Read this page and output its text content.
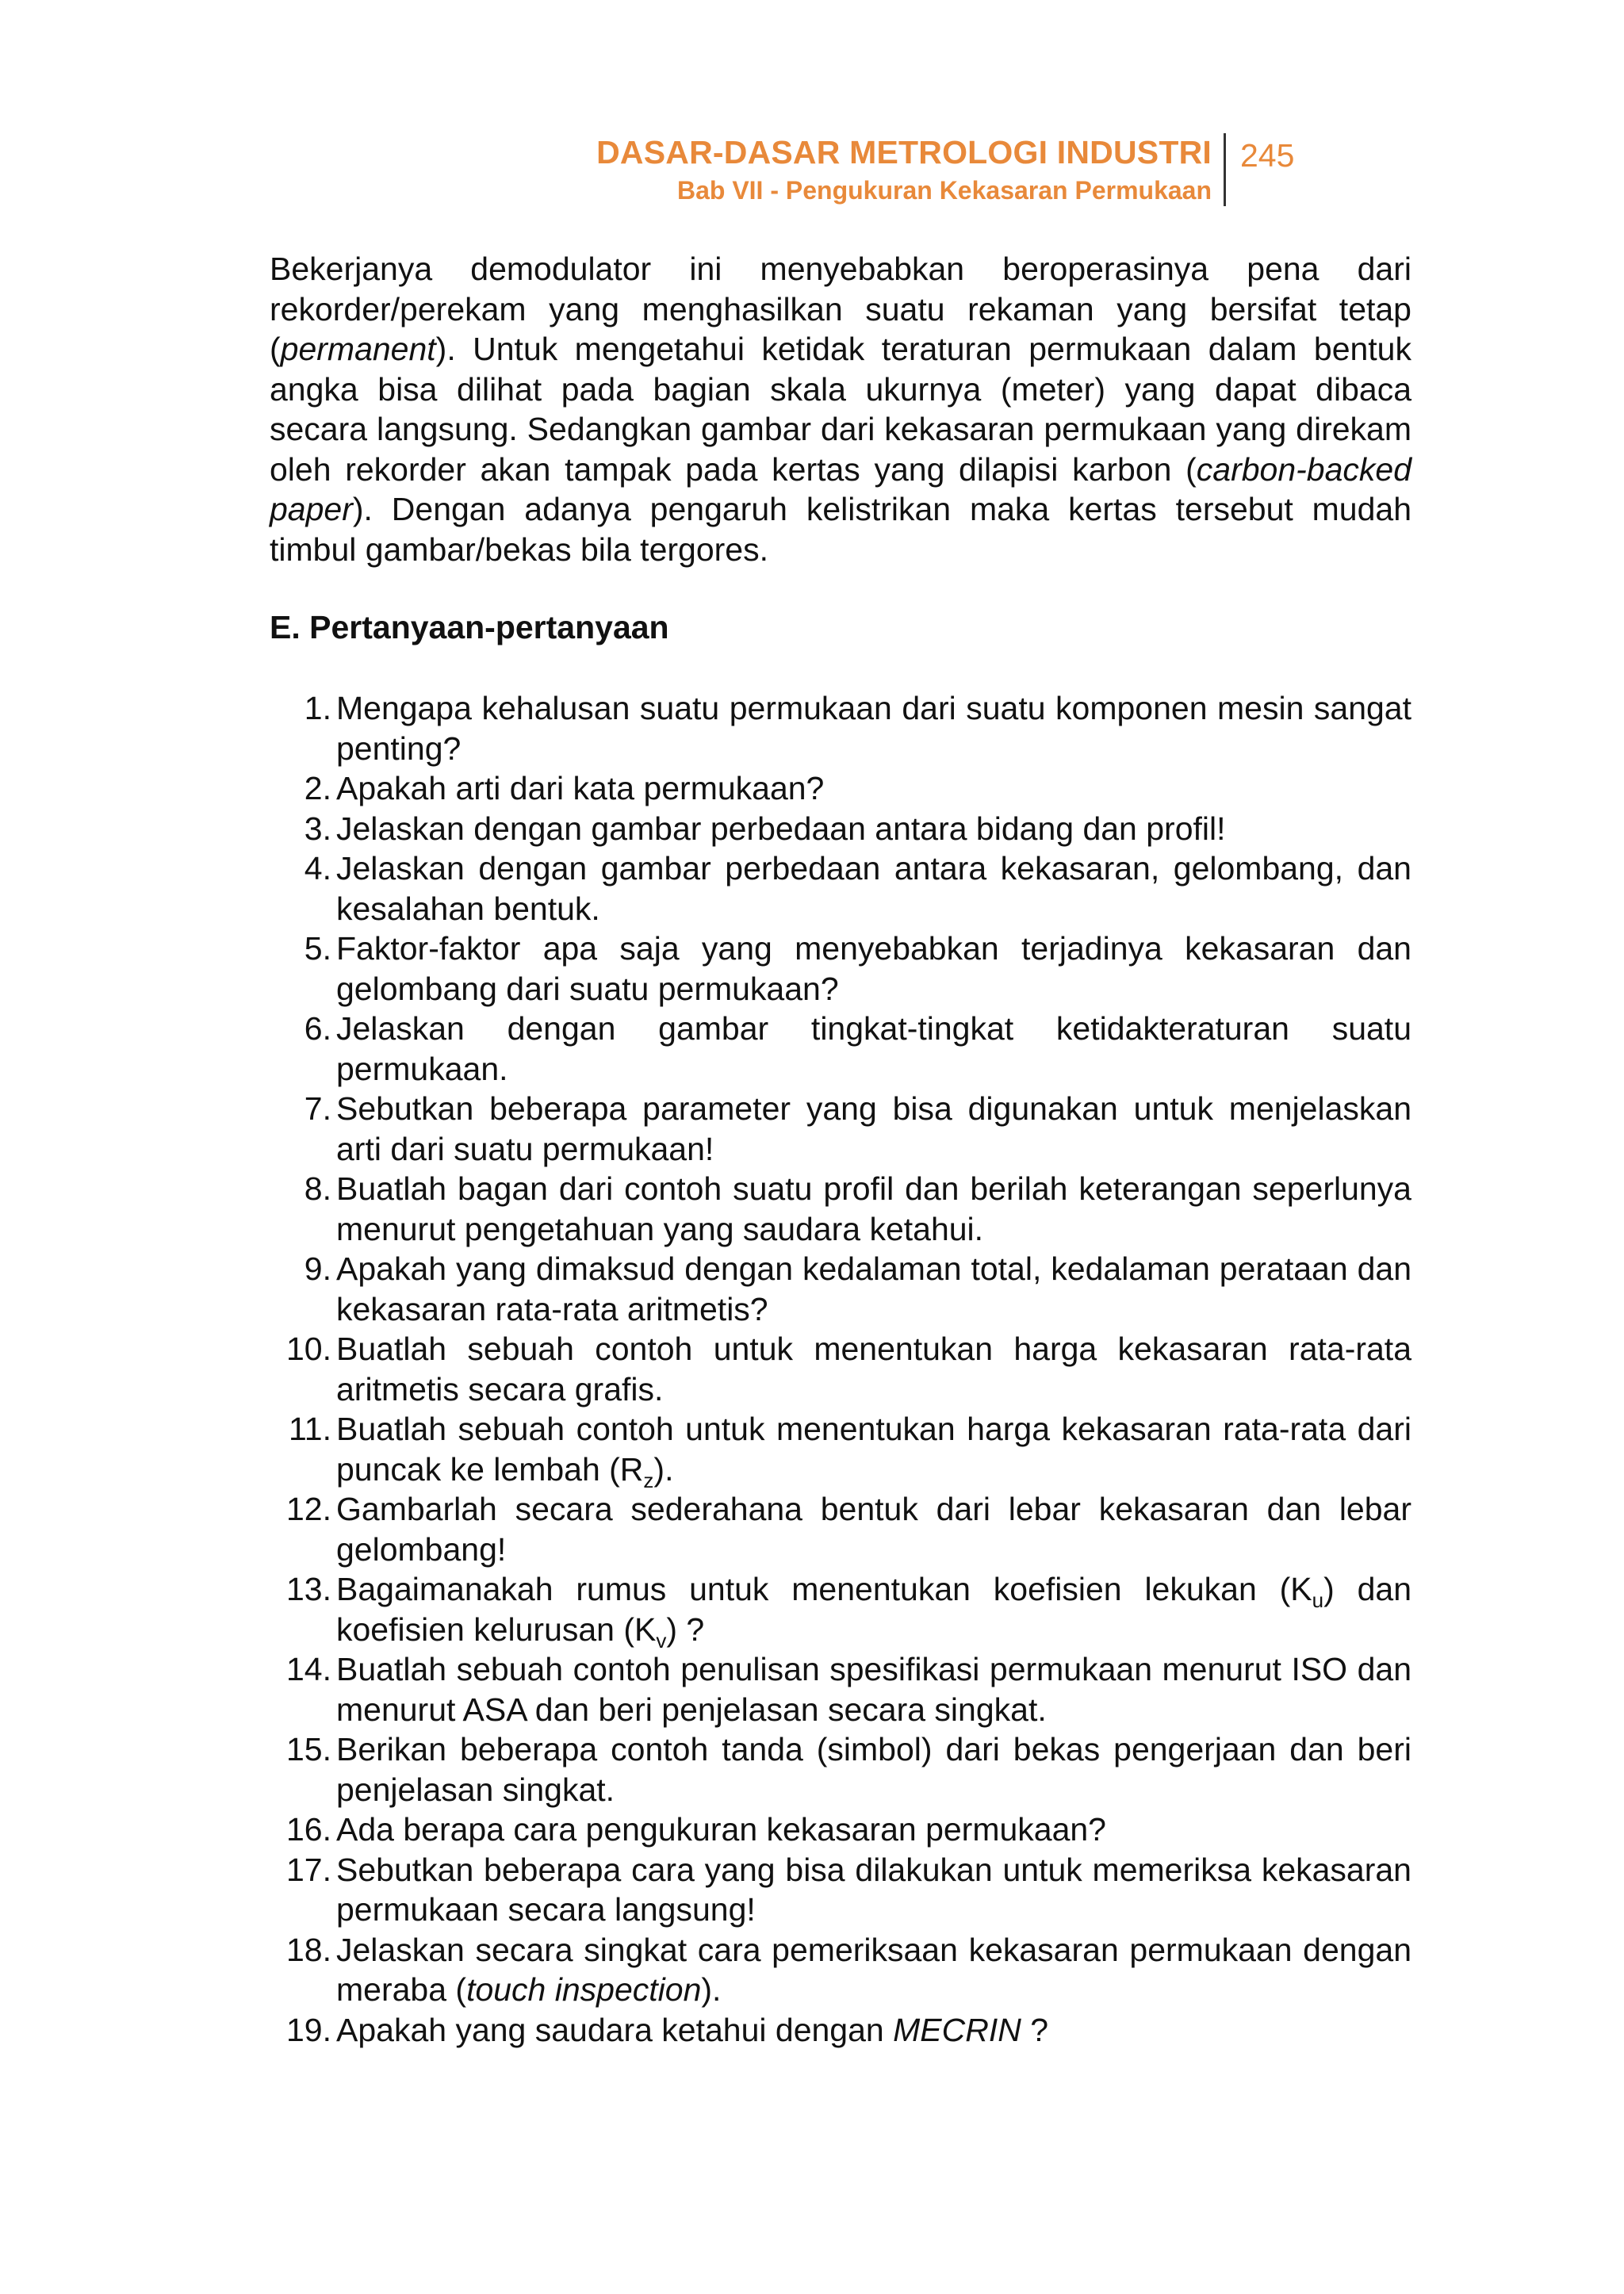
DASAR-DASAR METROLOGI INDUSTRI
Bab VII - Pengukuran Kekasaran Permukaan
245

Bekerjanya demodulator ini menyebabkan beroperasinya pena dari rekorder/perekam yang menghasilkan suatu rekaman yang bersifat tetap (permanent). Untuk mengetahui ketidak teraturan permukaan dalam bentuk angka bisa dilihat pada bagian skala ukurnya (meter) yang dapat dibaca secara langsung. Sedangkan gambar dari kekasaran permukaan yang direkam oleh rekorder akan tampak pada kertas yang dilapisi karbon (carbon-backed paper). Dengan adanya pengaruh kelistrikan maka kertas tersebut mudah timbul gambar/bekas bila tergores.

E. Pertanyaan-pertanyaan
1. Mengapa kehalusan suatu permukaan dari suatu komponen mesin sangat penting?
2. Apakah arti dari kata permukaan?
3. Jelaskan dengan gambar perbedaan antara bidang dan profil!
4. Jelaskan dengan gambar perbedaan antara kekasaran, gelombang, dan kesalahan bentuk.
5. Faktor-faktor apa saja yang menyebabkan terjadinya kekasaran dan gelombang dari suatu permukaan?
6. Jelaskan dengan gambar tingkat-tingkat ketidakteraturan suatu permukaan.
7. Sebutkan beberapa parameter yang bisa digunakan untuk menjelaskan arti dari suatu permukaan!
8. Buatlah bagan dari contoh suatu profil dan berilah keterangan seperlunya menurut pengetahuan yang saudara ketahui.
9. Apakah yang dimaksud dengan kedalaman total, kedalaman perataan dan kekasaran rata-rata aritmetis?
10. Buatlah sebuah contoh untuk menentukan harga kekasaran rata-rata aritmetis secara grafis.
11. Buatlah sebuah contoh untuk menentukan harga kekasaran rata-rata dari puncak ke lembah $(R_z)$.
12. Gambarlah secara sederahana bentuk dari lebar kekasaran dan lebar gelombang!
13. Bagaimanakah rumus untuk menentukan koefisien lekukan $(K_u)$ dan koefisien kelurusan $(K_v)$ ?
14. Buatlah sebuah contoh penulisan spesifikasi permukaan menurut ISO dan menurut ASA dan beri penjelasan secara singkat.
15. Berikan beberapa contoh tanda (simbol) dari bekas pengerjaan dan beri penjelasan singkat.
16. Ada berapa cara pengukuran kekasaran permukaan?
17. Sebutkan beberapa cara yang bisa dilakukan untuk memeriksa kekasaran permukaan secara langsung!
18. Jelaskan secara singkat cara pemeriksaan kekasaran permukaan dengan meraba (touch inspection).
19. Apakah yang saudara ketahui dengan MECRIN ?
